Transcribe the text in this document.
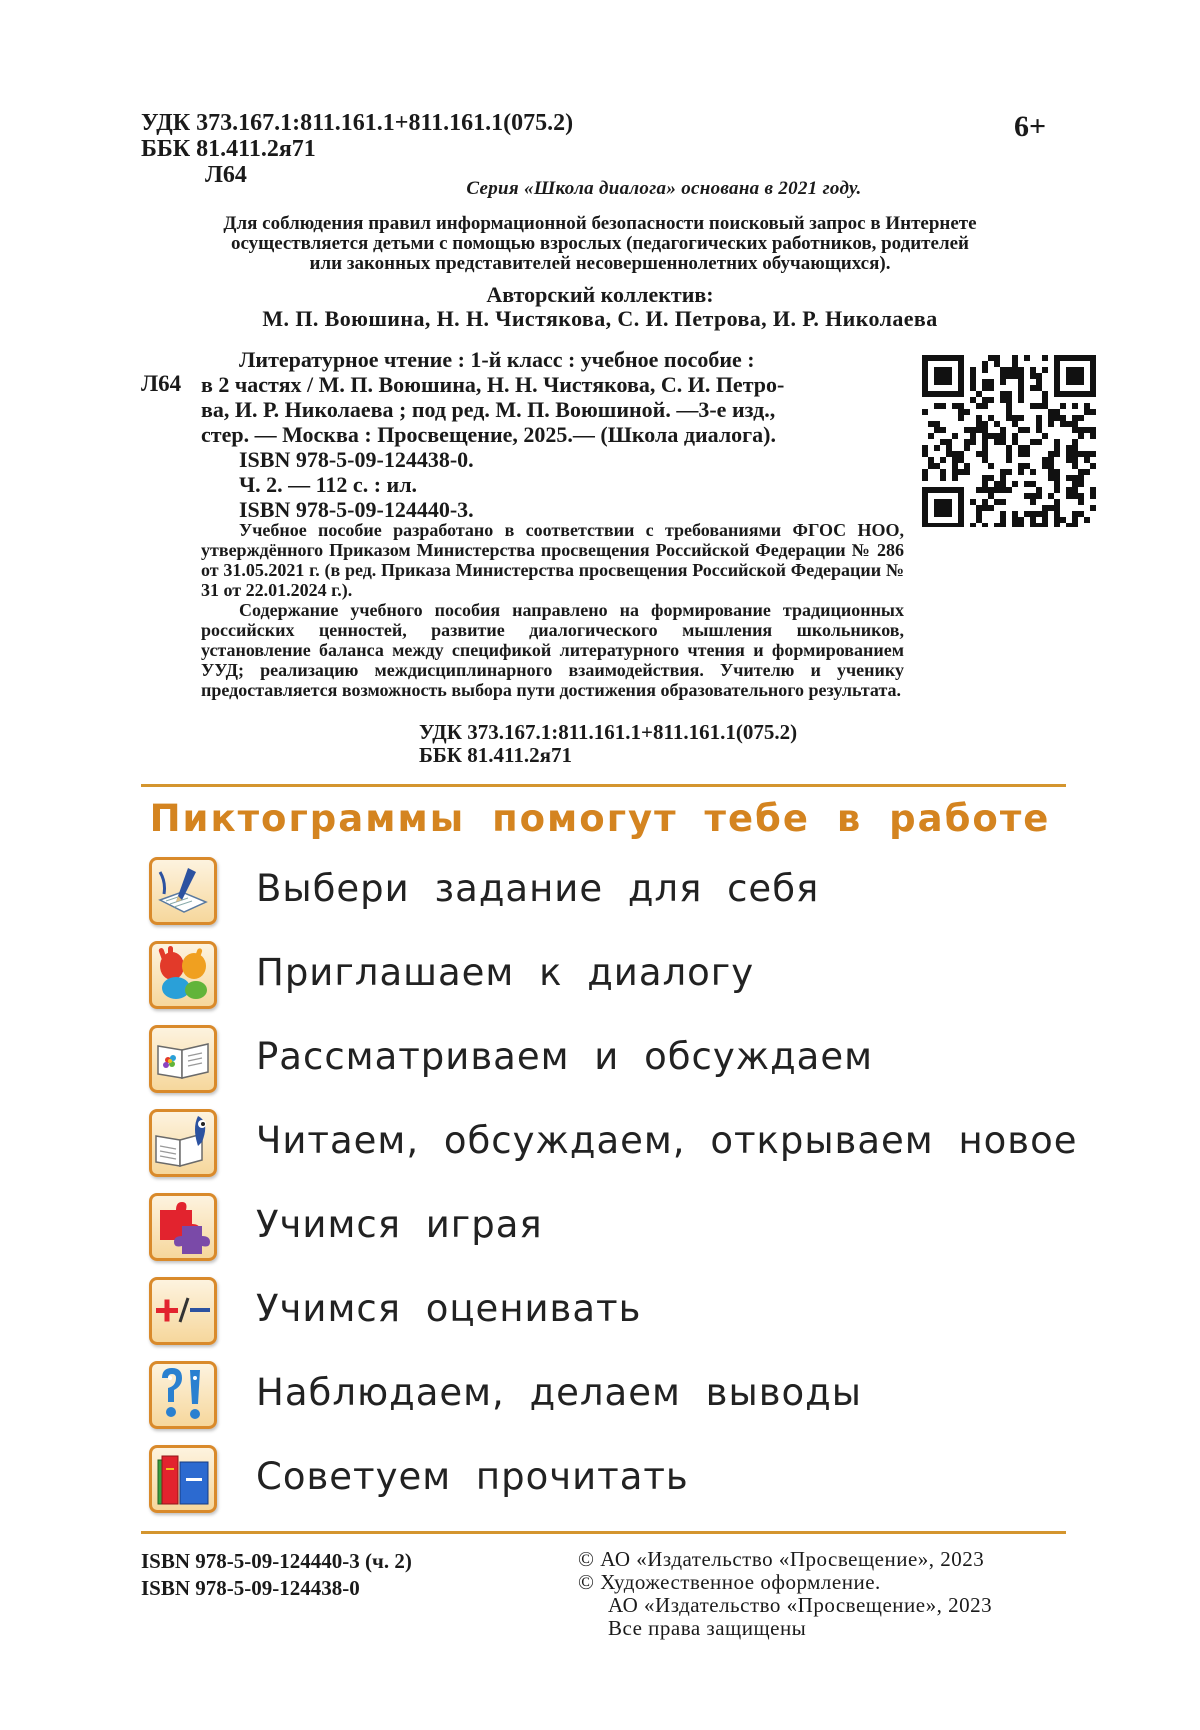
УДК 373.167.1:811.161.1+811.161.1(075.2)
ББК 81.411.2я71
Л64
6+
Серия «Школа диалога» основана в 2021 году.
Для соблюдения правил информационной безопасности поисковый запрос в Интернете
осуществляется детьми с помощью взрослых (педагогических работников, родителей
или законных представителей несовершеннолетних обучающихся).
Авторский коллектив:
М. П. Воюшина, Н. Н. Чистякова, С. И. Петрова, И. Р. Николаева
Л64
Литературное чтение : 1-й класс : учебное пособие :
в 2 частях / М. П. Воюшина, Н. Н. Чистякова, С. И. Петро-
ва, И. Р. Николаева ; под ред. М. П. Воюшиной. —3-е изд.,
стер. — Москва : Просвещение, 2025.— (Школа диалога).
ISBN 978-5-09-124438-0.
Ч. 2. — 112 с. : ил.
ISBN 978-5-09-124440-3.

Учебное пособие разработано в соответствии с требованиями ФГОС НОО, утверждённого Приказом Министерства просвещения Российской Федерации № 286 от 31.05.2021 г. (в ред. Приказа Министерства просвещения Российской Федерации № 31 от 22.01.2024 г.).

Содержание учебного пособия направлено на формирование традиционных российских ценностей, развитие диалогического мышления школьников, установление баланса между спецификой литературного чтения и формированием УУД; реализацию междисциплинарного взаимодействия. Учителю и ученику предоставляется возможность выбора пути достижения образовательного результата.

УДК 373.167.1:811.161.1+811.161.1(075.2)
ББК 81.411.2я71
Пиктограммы помогут тебе в работе
Выбери задание для себя
Приглашаем к диалогу
Рассматриваем и обсуждаем
Читаем, обсуждаем, открываем новое
Учимся играя
Учимся оценивать
Наблюдаем, делаем выводы
Советуем прочитать
ISBN 978-5-09-124440-3 (ч. 2)
ISBN 978-5-09-124438-0
© АО «Издательство «Просвещение», 2023
© Художественное оформление.
АО «Издательство «Просвещение», 2023
Все права защищены
